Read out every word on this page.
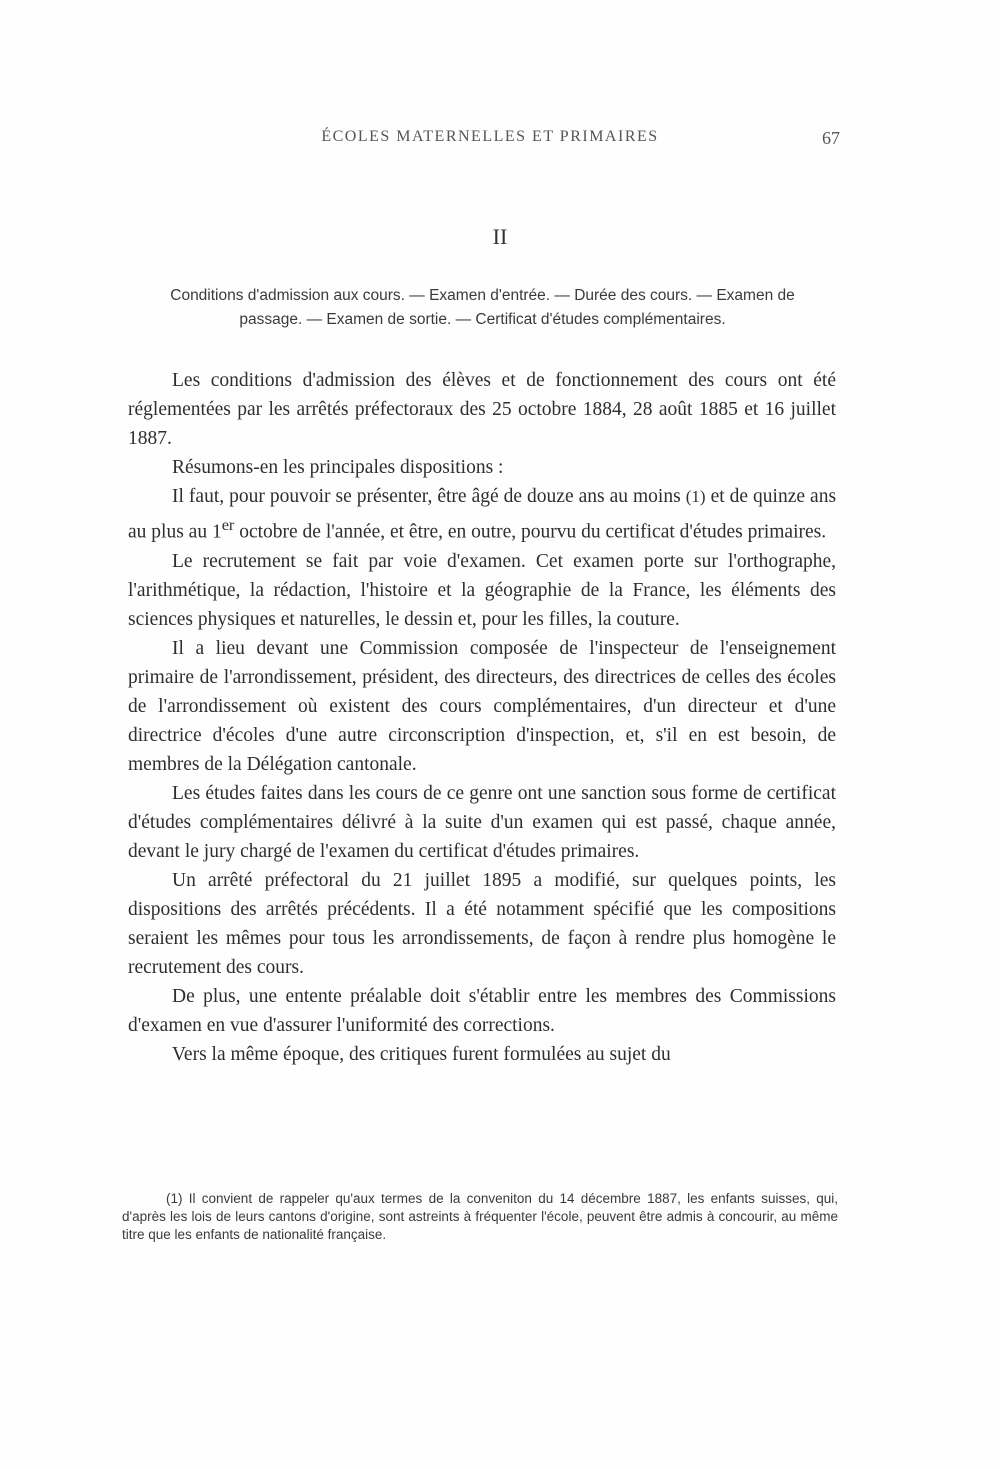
ÉCOLES MATERNELLES ET PRIMAIRES	67
II
Conditions d'admission aux cours. — Examen d'entrée. — Durée des cours. — Examen de passage. — Examen de sortie. — Certificat d'études complémentaires.

Les conditions d'admission des élèves et de fonctionnement des cours ont été réglementées par les arrêtés préfectoraux des 25 octobre 1884, 28 août 1885 et 16 juillet 1887.

Résumons-en les principales dispositions :

Il faut, pour pouvoir se présenter, être âgé de douze ans au moins (1) et de quinze ans au plus au 1er octobre de l'année, et être, en outre, pourvu du certificat d'études primaires.

Le recrutement se fait par voie d'examen. Cet examen porte sur l'orthographe, l'arithmétique, la rédaction, l'histoire et la géographie de la France, les éléments des sciences physiques et naturelles, le dessin et, pour les filles, la couture.

Il a lieu devant une Commission composée de l'inspecteur de l'enseignement primaire de l'arrondissement, président, des directeurs, des directrices de celles des écoles de l'arrondissement où existent des cours complémentaires, d'un directeur et d'une directrice d'écoles d'une autre circonscription d'inspection, et, s'il en est besoin, de membres de la Délégation cantonale.

Les études faites dans les cours de ce genre ont une sanction sous forme de certificat d'études complémentaires délivré à la suite d'un examen qui est passé, chaque année, devant le jury chargé de l'examen du certificat d'études primaires.

Un arrêté préfectoral du 21 juillet 1895 a modifié, sur quelques points, les dispositions des arrêtés précédents. Il a été notamment spécifié que les compositions seraient les mêmes pour tous les arrondissements, de façon à rendre plus homogène le recrutement des cours.

De plus, une entente préalable doit s'établir entre les membres des Commissions d'examen en vue d'assurer l'uniformité des corrections.

Vers la même époque, des critiques furent formulées au sujet du

(1) Il convient de rappeler qu'aux termes de la conveniton du 14 décembre 1887, les enfants suisses, qui, d'après les lois de leurs cantons d'origine, sont astreints à fréquenter l'école, peuvent être admis à concourir, au même titre que les enfants de nationalité française.
